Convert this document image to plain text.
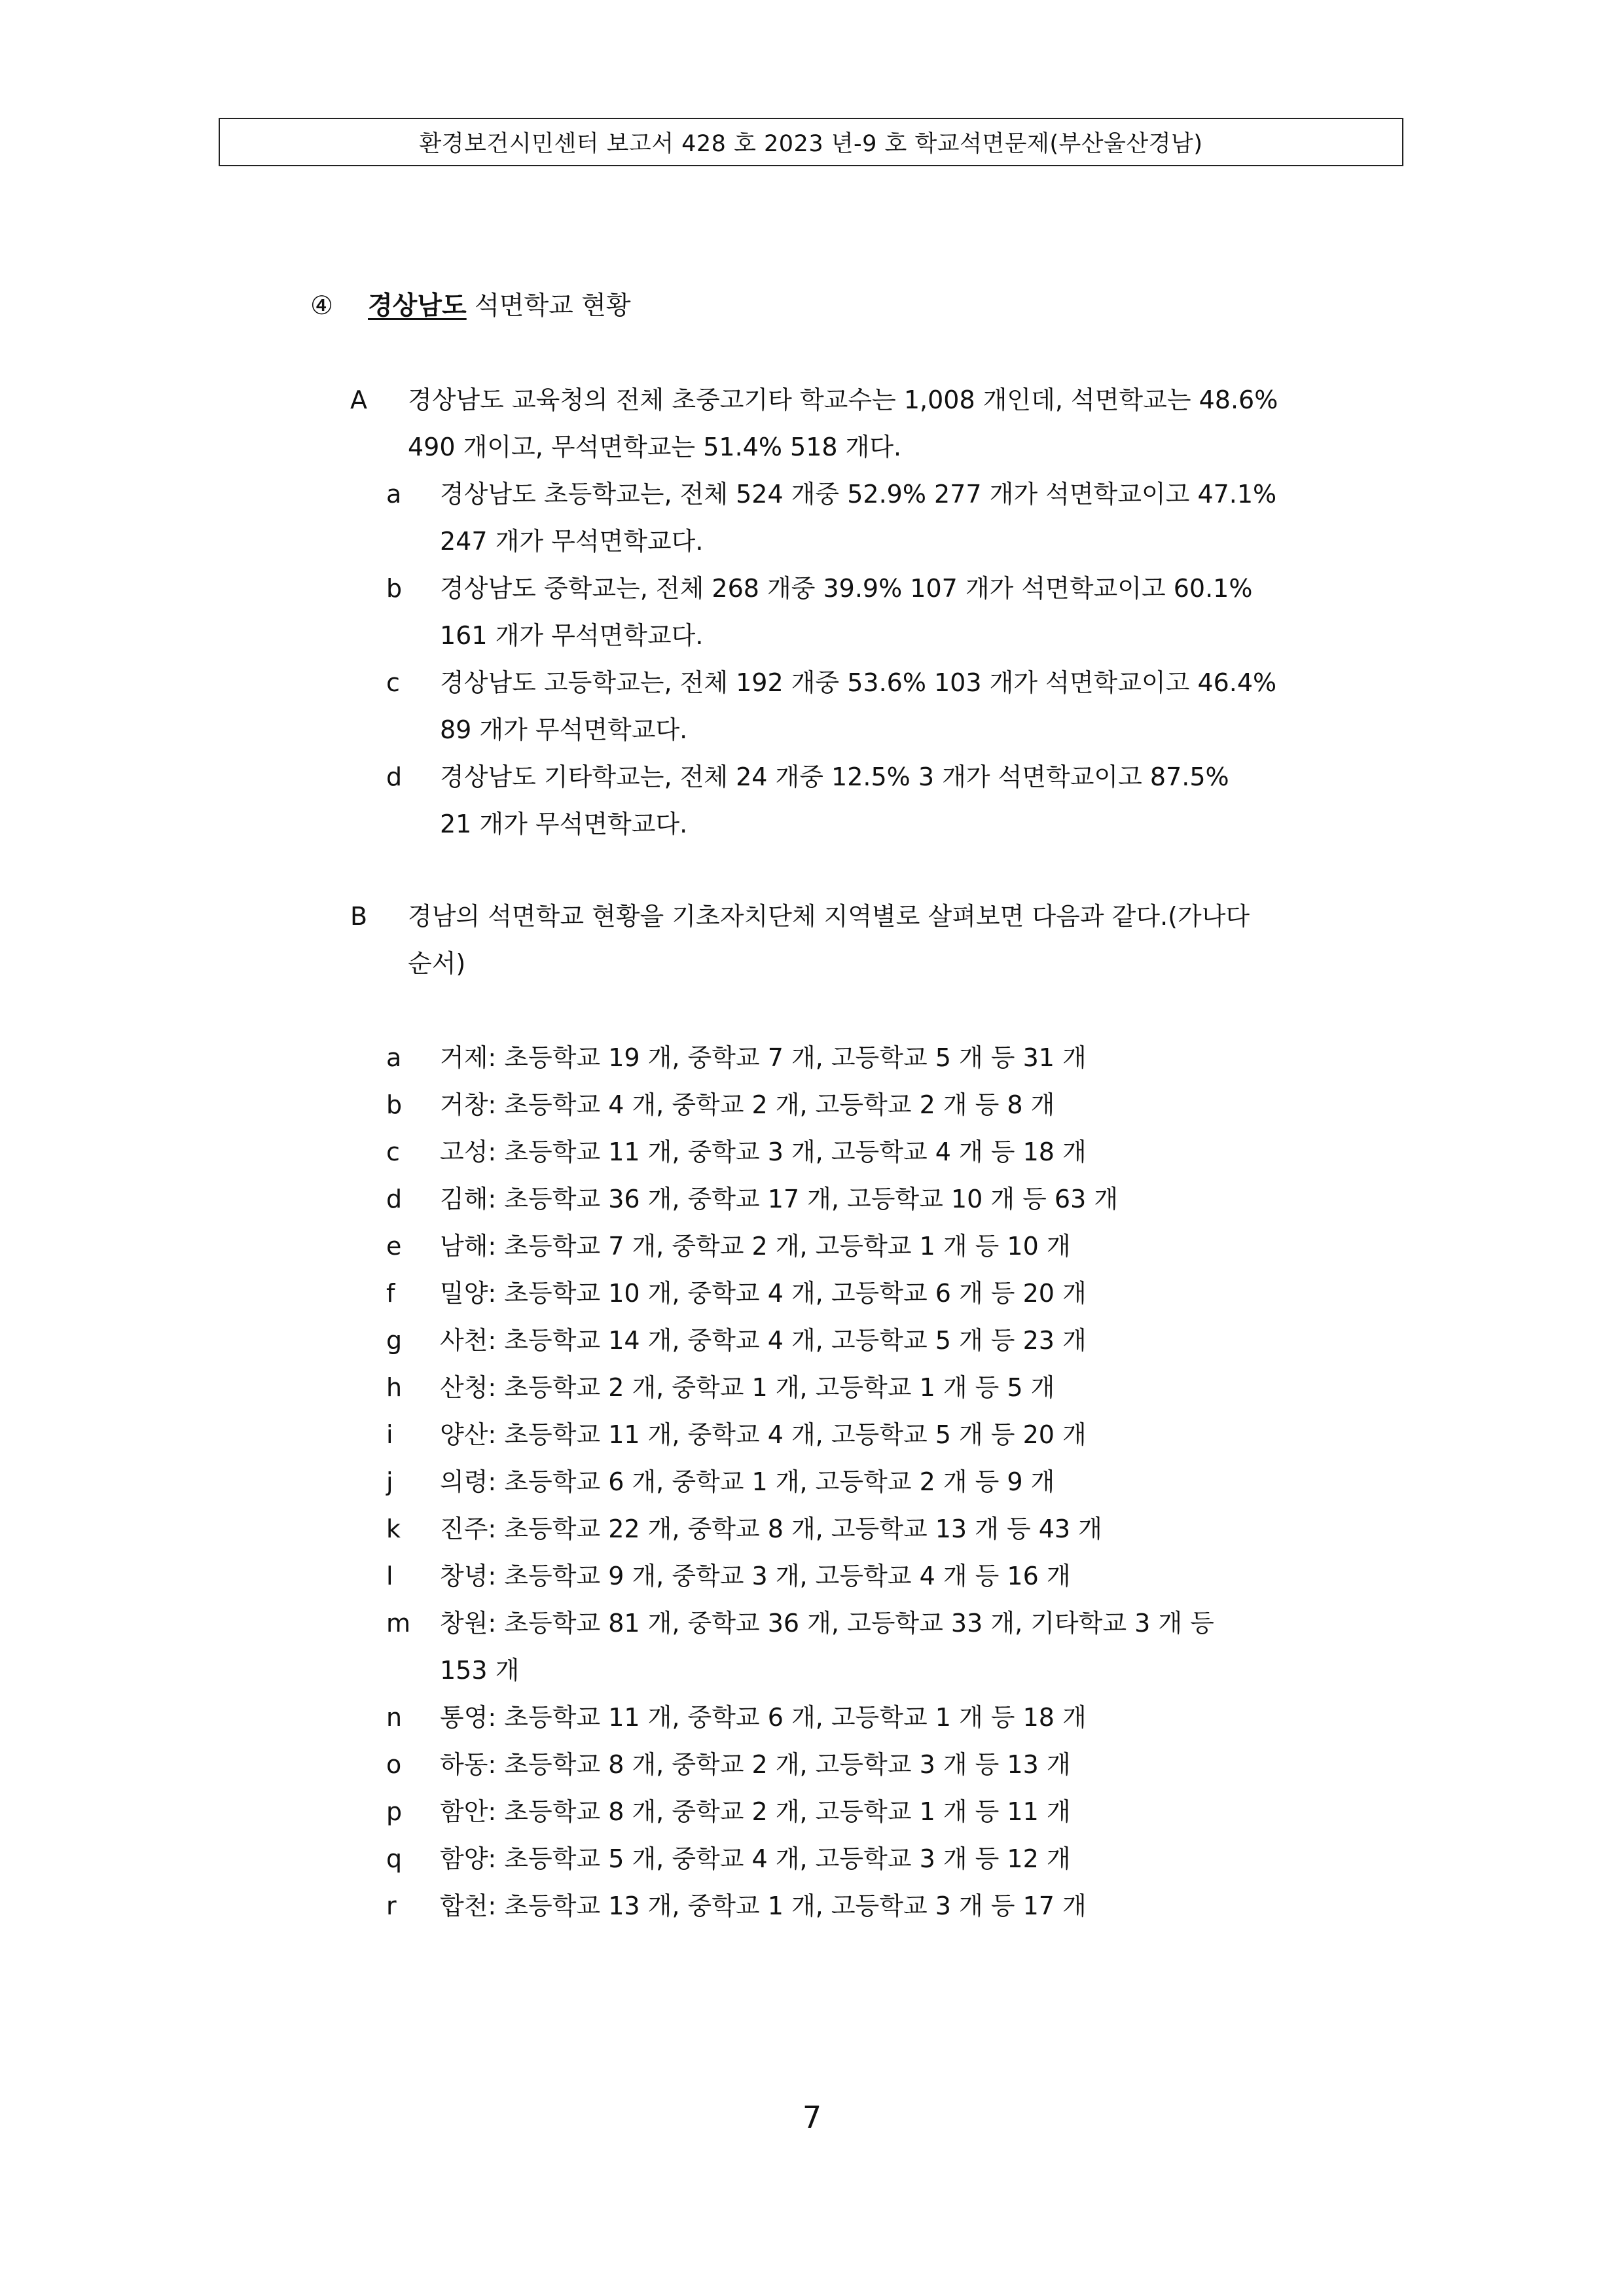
환경보건시민센터 보고서 428 호 2023 년-9 호 학교석면문제(부산울산경남)
④ 경상남도 석면학교 현황
A 경상남도 교육청의 전체 초중고기타 학교수는 1,008 개인데, 석면학교는 48.6%
490 개이고, 무석면학교는 51.4% 518 개다.
a 경상남도 초등학교는, 전체 524 개중 52.9% 277 개가 석면학교이고 47.1%
247 개가 무석면학교다.
b 경상남도 중학교는, 전체 268 개중 39.9% 107 개가 석면학교이고 60.1%
161 개가 무석면학교다.
c 경상남도 고등학교는, 전체 192 개중 53.6% 103 개가 석면학교이고 46.4%
89 개가 무석면학교다.
d 경상남도 기타학교는, 전체 24 개중 12.5% 3 개가 석면학교이고 87.5%
21 개가 무석면학교다.
B 경남의 석면학교 현황을 기초자치단체 지역별로 살펴보면 다음과 같다.(가나다
순서)
a 거제: 초등학교 19 개, 중학교 7 개, 고등학교 5 개 등 31 개
b 거창: 초등학교 4 개, 중학교 2 개, 고등학교 2 개 등 8 개
c 고성: 초등학교 11 개, 중학교 3 개, 고등학교 4 개 등 18 개
d 김해: 초등학교 36 개, 중학교 17 개, 고등학교 10 개 등 63 개
e 남해: 초등학교 7 개, 중학교 2 개, 고등학교 1 개 등 10 개
f 밀양: 초등학교 10 개, 중학교 4 개, 고등학교 6 개 등 20 개
g 사천: 초등학교 14 개, 중학교 4 개, 고등학교 5 개 등 23 개
h 산청: 초등학교 2 개, 중학교 1 개, 고등학교 1 개 등 5 개
i 양산: 초등학교 11 개, 중학교 4 개, 고등학교 5 개 등 20 개
j 의령: 초등학교 6 개, 중학교 1 개, 고등학교 2 개 등 9 개
k 진주: 초등학교 22 개, 중학교 8 개, 고등학교 13 개 등 43 개
l 창녕: 초등학교 9 개, 중학교 3 개, 고등학교 4 개 등 16 개
m 창원: 초등학교 81 개, 중학교 36 개, 고등학교 33 개, 기타학교 3 개 등
153 개
n 통영: 초등학교 11 개, 중학교 6 개, 고등학교 1 개 등 18 개
o 하동: 초등학교 8 개, 중학교 2 개, 고등학교 3 개 등 13 개
p 함안: 초등학교 8 개, 중학교 2 개, 고등학교 1 개 등 11 개
q 함양: 초등학교 5 개, 중학교 4 개, 고등학교 3 개 등 12 개
r 합천: 초등학교 13 개, 중학교 1 개, 고등학교 3 개 등 17 개
7
